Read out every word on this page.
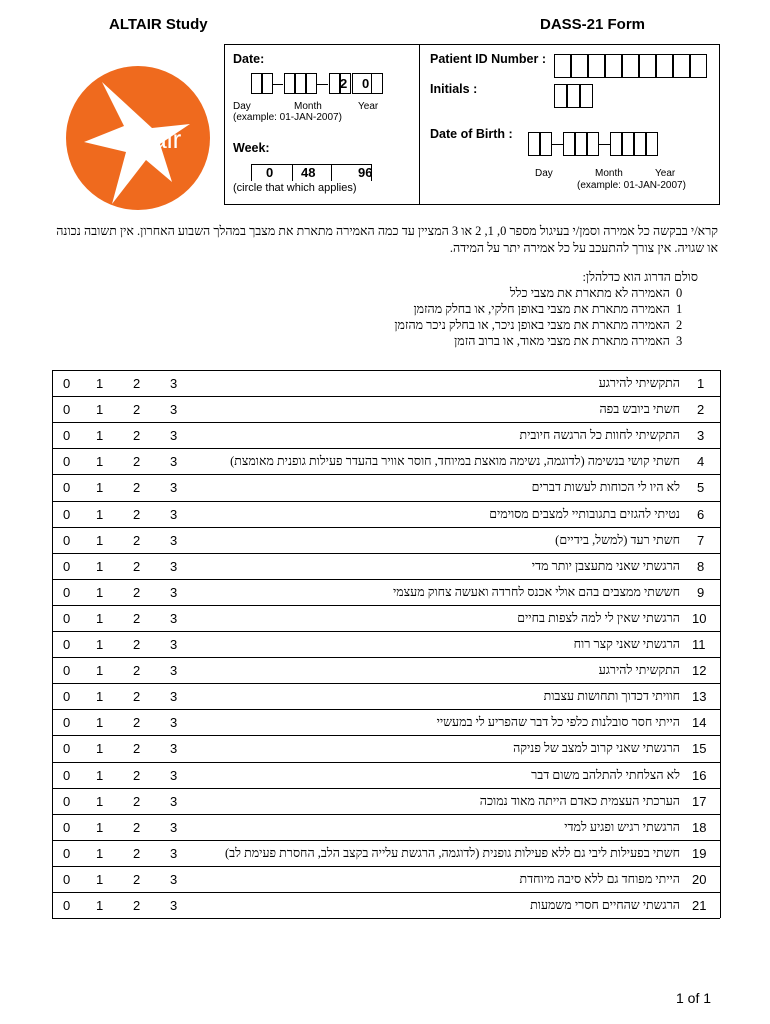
ALTAIR Study	DASS-21 Form
Altair
Date:
2 0
Day	Month	Year
(example: 01-JAN-2007)
Week:
0 48	96
(circle that which applies)
Patient ID Number :
Initials :
Date of Birth :
Day	Month	Year
(example: 01-JAN-2007)
קרא/י בבקשה כל אמירה וסמן/י בעיגול מספר 0, 1, 2 או 3 המציין עד כמה האמירה מתארת את מצבך במהלך השבוע האחרון. אין תשובה נכונה
או שגויה. אין צורך להתעכב על כל אמירה יתר על המידה.
סולם הדרוג הוא כדלהלן:
0
האמירה לא מתארת את מצבי כלל
1
האמירה מתארת את מצבי באופן חלקי, או בחלק מהזמן
2
האמירה מתארת את מצבי באופן ניכר, או בחלק ניכר מהזמן
3
האמירה מתארת את מצבי מאוד, או ברוב הזמן
0 1 2 3	התקשיתי להירגע 1
0 1 2 3	חשתי ביובש בפה 2
0 1 2 3	התקשיתי לחוות כל הרגשה חיובית 3
0 1 2 3	חשתי קושי בנשימה (לדוגמה, נשימה מואצת במיוחד, חוסר אוויר בהעדר פעילות גופנית מאומצת) 4
0 1 2 3	לא היו לי הכוחות לעשות דברים 5
0 1 2 3	נטיתי להגזים בתגובותיי למצבים מסוימים 6
0 1 2 3	חשתי רעד (למשל, בידיים) 7
0 1 2 3	הרגשתי שאני מתעצבן יותר מדי 8
0 1 2 3	חששתי ממצבים בהם אולי אכנס לחרדה ואעשה צחוק מעצמי 9
0 1 2 3	הרגשתי שאין לי למה לצפות בחיים 10
0 1 2 3	הרגשתי שאני קצר רוח 11
0 1 2 3	התקשיתי להירגע 12
0 1 2 3	חוויתי דכדוך ותחושות עצבות 13
0 1 2 3	הייתי חסר סובלנות כלפי כל דבר שהפריע לי במעשיי 14
0 1 2 3	הרגשתי שאני קרוב למצב של פניקה 15
0 1 2 3	לא הצלחתי להתלהב משום דבר 16
0 1 2 3	הערכתי העצמית כאדם הייתה מאוד נמוכה 17
0 1 2 3	הרגשתי רגיש ופגיע למדי 18
0 1 2 3	חשתי בפעילות ליבי גם ללא פעילות גופנית (לדוגמה, הרגשת עלייה בקצב הלב, החסרת פעימת לב) 19
0 1 2 3	הייתי מפוחד גם ללא סיבה מיוחדת 20
0 1 2 3	הרגשתי שהחיים חסרי משמעות 21
1 of 1
